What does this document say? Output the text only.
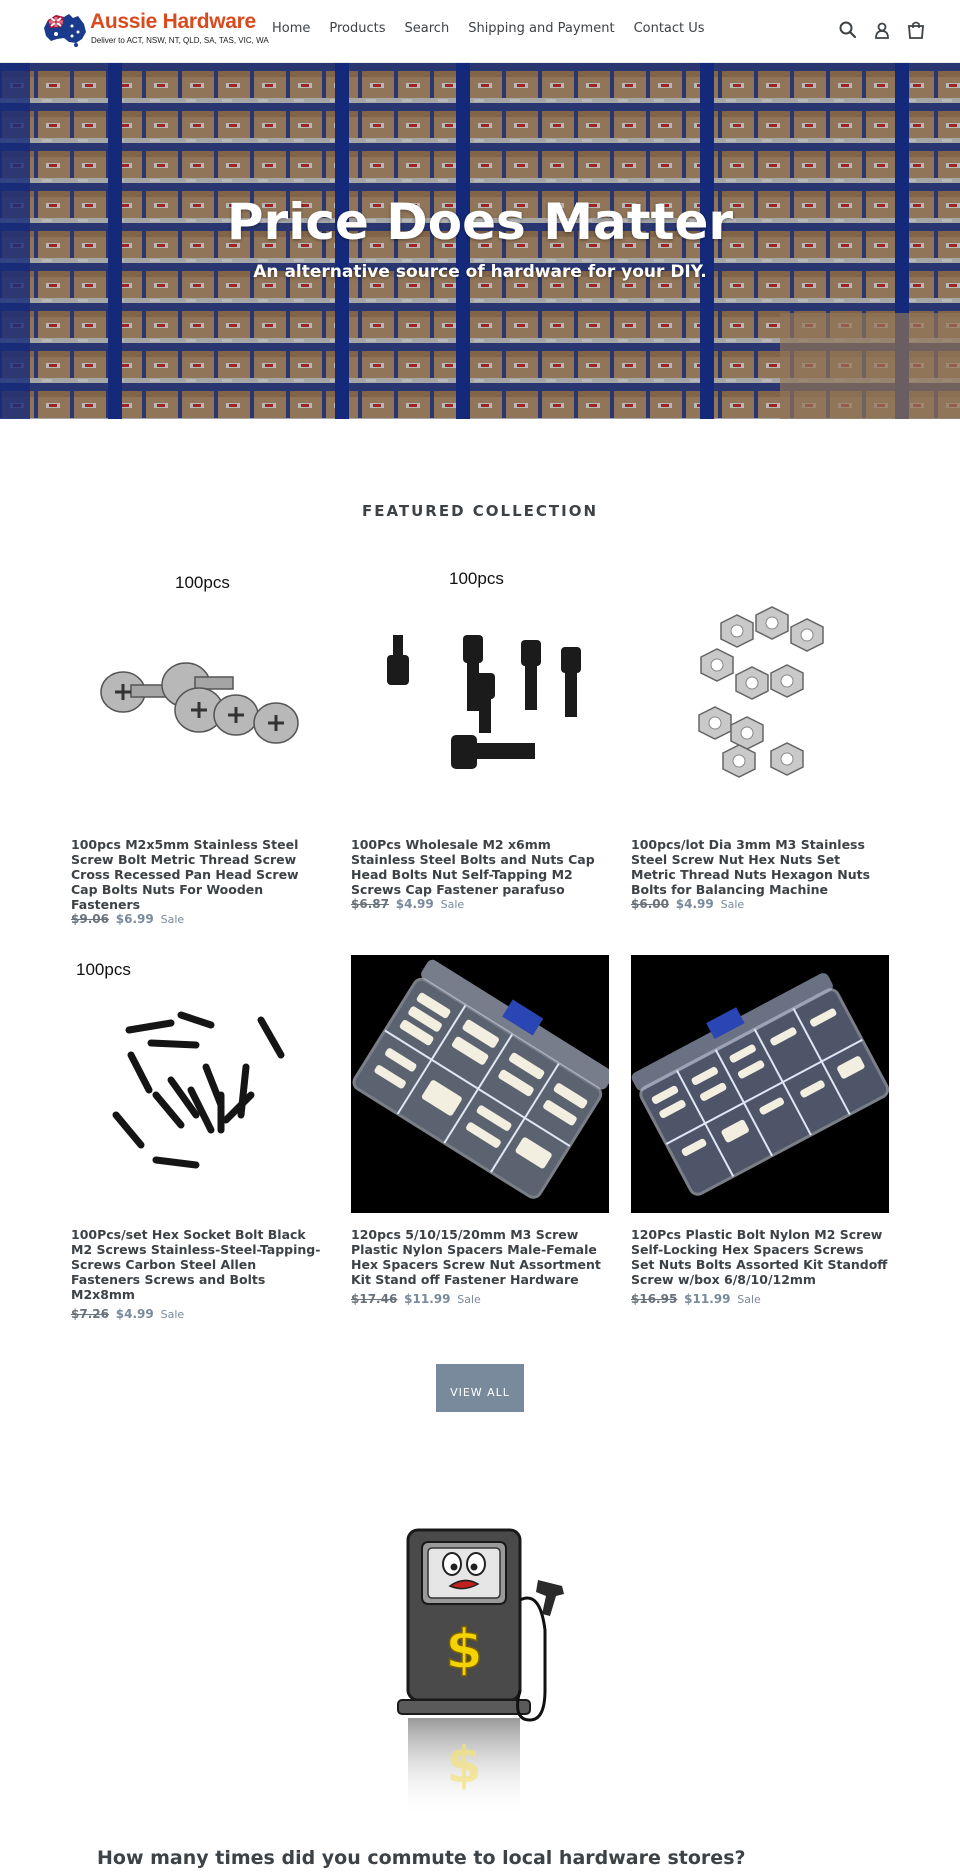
Aussie Hardware
Deliver to ACT, NSW, NT, QLD, SA, TAS, VIC, WA
Home Products Search Shipping and Payment Contact Us
Price Does Matter

An alternative source of hardware for your DIY.

FEATURED COLLECTION
100pcs
100pcs M2x5mm Stainless Steel Screw Bolt Metric Thread Screw Cross Recessed Pan Head Screw Cap Bolts Nuts For Wooden Fasteners
$9.06 $6.99 Sale
100pcs
100Pcs Wholesale M2 x6mm Stainless Steel Bolts and Nuts Cap Head Bolts Nut Self-Tapping M2 Screws Cap Fastener parafuso
$6.87 $4.99 Sale
100pcs/lot Dia 3mm M3 Stainless Steel Screw Nut Hex Nuts Set Metric Thread Nuts Hexagon Nuts Bolts for Balancing Machine
$6.00 $4.99 Sale
100pcs
100Pcs/set Hex Socket Bolt Black M2 Screws Stainless-Steel-Tapping-Screws Carbon Steel Allen Fasteners Screws and Bolts M2x8mm
$7.26 $4.99 Sale
120pcs 5/10/15/20mm M3 Screw Plastic Nylon Spacers Male-Female Hex Spacers Screw Nut Assortment Kit Stand off Fastener Hardware
$17.46 $11.99 Sale
120Pcs Plastic Bolt Nylon M2 Screw Self-Locking Hex Spacers Screws Set Nuts Bolts Assorted Kit Standoff Screw w/box 6/8/10/12mm
$16.95 $11.99 Sale
VIEW ALL
$
$
How many times did you commute to local hardware stores?
